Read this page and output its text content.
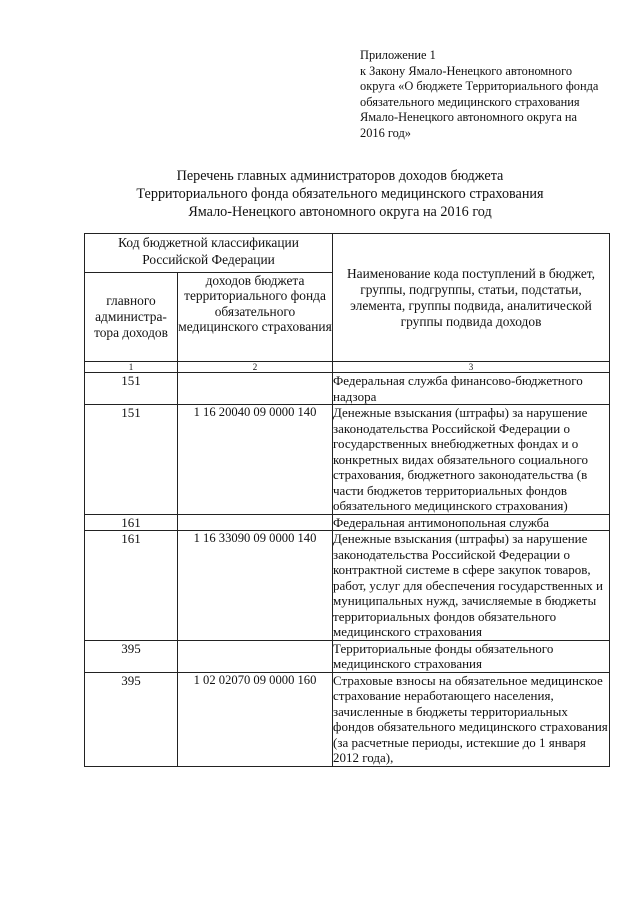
Приложение 1
к Закону Ямало-Ненецкого автономного
округа «О бюджете Территориального фонда
обязательного медицинского страхования
Ямало-Ненецкого автономного округа на
2016 год»
Перечень главных администраторов доходов бюджета
Территориального фонда обязательного медицинского страхования
Ямало-Ненецкого автономного округа на 2016 год
Код бюджетной классификации Российской Федерации		Наименование кода поступлений в бюджет, группы, подгруппы, статьи, подстатьи, элемента, группы подвида, аналитической группы подвида доходов
главного администра-тора доходов	доходов бюджета территориального фонда обязательного медицинского страхования	
1	2	3
151		Федеральная служба финансово-бюджетного надзора
151	1 16 20040 09 0000 140	Денежные взыскания (штрафы) за нарушение законодательства Российской Федерации о государственных внебюджетных фондах и о конкретных видах обязательного социального страхования, бюджетного законодательства (в части бюджетов территориальных фондов обязательного медицинского страхования)
161		Федеральная антимонопольная служба
161	1 16 33090 09 0000 140	Денежные взыскания (штрафы) за нарушение законодательства Российской Федерации о контрактной системе в сфере закупок товаров, работ, услуг для обеспечения государственных и муниципальных нужд, зачисляемые в бюджеты территориальных фондов обязательного медицинского страхования
395		Территориальные фонды обязательного медицинского страхования
395	1 02 02070 09 0000 160	Страховые взносы на обязательное медицинское страхование неработающего населения, зачисленные в бюджеты территориальных фондов обязательного медицинского страхования (за расчетные периоды, истекшие до 1 января 2012 года),
